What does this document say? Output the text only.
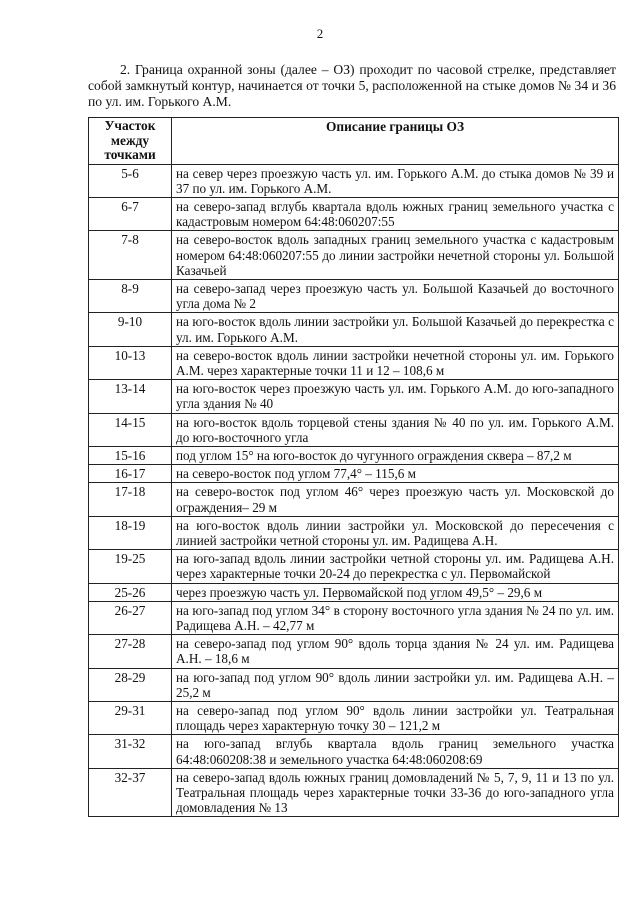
2

2. Граница охранной зоны (далее – ОЗ) проходит по часовой стрелке, представляет собой замкнутый контур, начинается от точки 5, расположенной на стыке домов № 34 и 36 по ул. им. Горького А.М.

Участок между точками	Описание границы ОЗ
5-6	на север через проезжую часть ул. им. Горького А.М. до стыка домов № 39 и 37 по ул. им. Горького А.М.
6-7	на северо-запад вглубь квартала вдоль южных границ земельного участка с кадастровым номером 64:48:060207:55
7-8	на северо-восток вдоль западных границ земельного участка с кадастровым номером 64:48:060207:55 до линии застройки нечетной стороны ул. Большой Казачьей
8-9	на северо-запад через проезжую часть ул. Большой Казачьей до восточного угла дома № 2
9-10	на юго-восток вдоль линии застройки ул. Большой Казачьей до перекрестка с ул. им. Горького А.М.
10-13	на северо-восток вдоль линии застройки нечетной стороны ул. им. Горького А.М. через характерные точки 11 и 12 – 108,6 м
13-14	на юго-восток через проезжую часть ул. им. Горького А.М. до юго-западного угла здания № 40
14-15	на юго-восток вдоль торцевой стены здания № 40 по ул. им. Горького А.М. до юго-восточного угла
15-16	под углом 15° на юго-восток до чугунного ограждения сквера – 87,2 м
16-17	на северо-восток под углом 77,4° – 115,6 м
17-18	на северо-восток под углом 46° через проезжую часть ул. Московской до ограждения– 29 м
18-19	на юго-восток вдоль линии застройки ул. Московской до пересечения с линией застройки четной стороны ул. им. Радищева А.Н.
19-25	на юго-запад вдоль линии застройки четной стороны ул. им. Радищева А.Н. через характерные точки 20-24 до перекрестка с ул. Первомайской
25-26	через проезжую часть ул. Первомайской под углом 49,5° – 29,6 м
26-27	на юго-запад под углом 34° в сторону восточного угла здания № 24 по ул. им. Радищева А.Н. – 42,77 м
27-28	на северо-запад под углом 90° вдоль торца здания № 24 ул. им. Радищева А.Н. – 18,6 м
28-29	на юго-запад под углом 90° вдоль линии застройки ул. им. Радищева А.Н. – 25,2 м
29-31	на северо-запад под углом 90° вдоль линии застройки ул. Театральная площадь через характерную точку 30 – 121,2 м
31-32	на юго-запад вглубь квартала вдоль границ земельного участка 64:48:060208:38 и земельного участка 64:48:060208:69
32-37	на северо-запад вдоль южных границ домовладений № 5, 7, 9, 11 и 13 по ул. Театральная площадь через характерные точки 33-36 до юго-западного угла домовладения № 13
